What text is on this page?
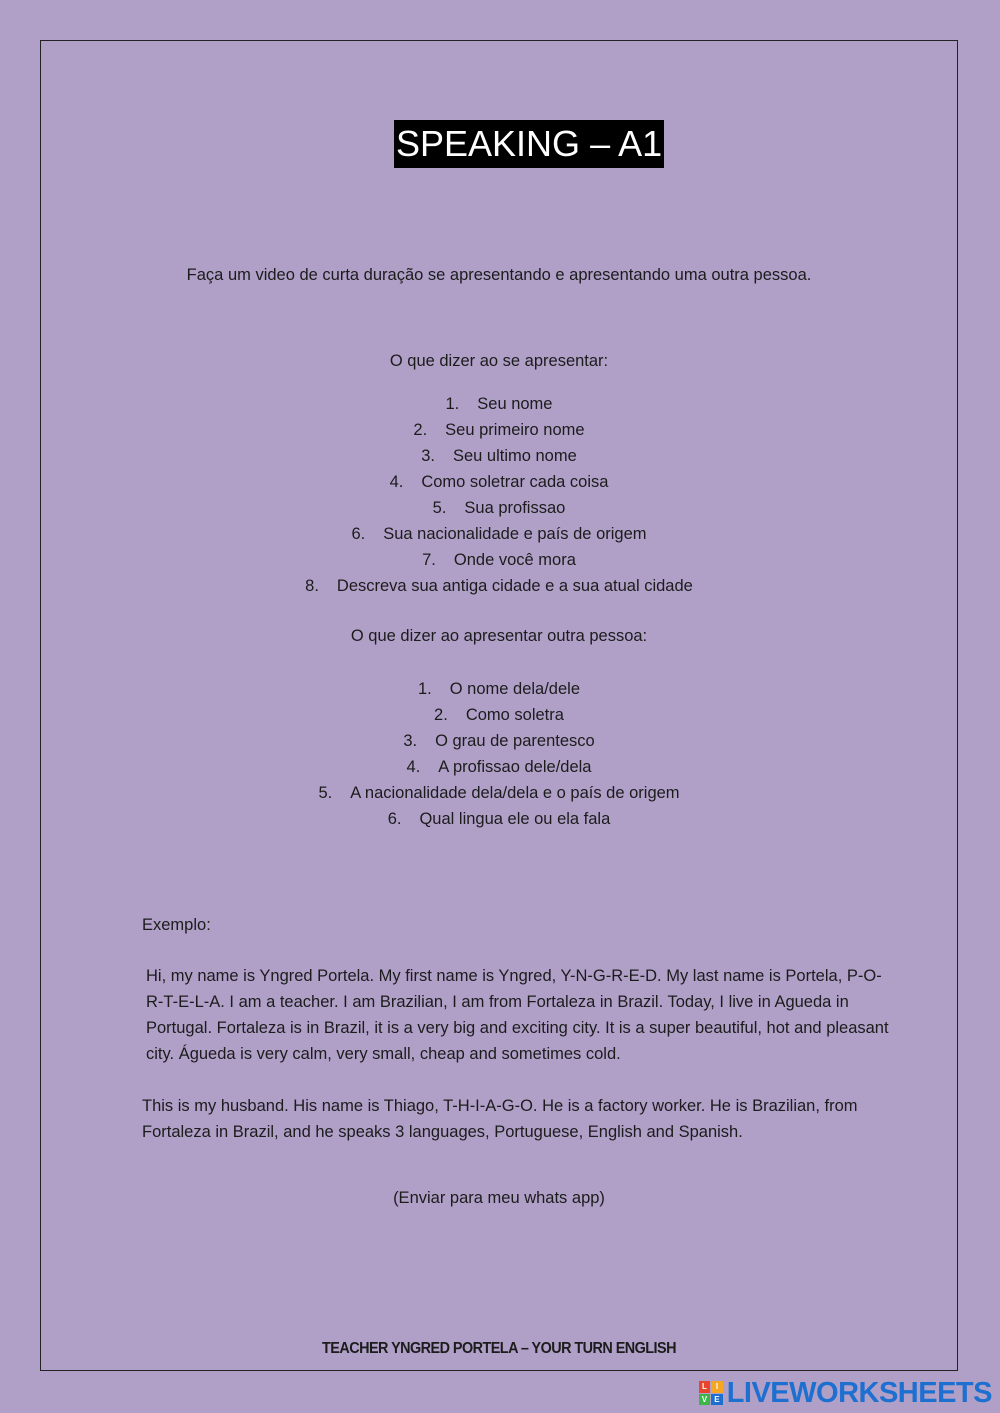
SPEAKING – A1
Faça um video de curta duração se apresentando e apresentando uma outra pessoa.
O que dizer ao se apresentar:
1. Seu nome
2. Seu primeiro nome
3. Seu ultimo nome
4. Como soletrar cada coisa
5. Sua profissao
6. Sua nacionalidade e país de origem
7. Onde você mora
8. Descreva sua antiga cidade e a sua atual cidade
O que dizer ao apresentar outra pessoa:
1. O nome dela/dele
2. Como soletra
3. O grau de parentesco
4. A profissao dele/dela
5. A nacionalidade dela/dela e o país de origem
6. Qual lingua ele ou ela fala
Exemplo:
Hi, my name is Yngred Portela. My first name is Yngred, Y-N-G-R-E-D. My last name is Portela, P-O-R-T-E-L-A. I am a teacher. I am Brazilian, I am from Fortaleza in Brazil. Today, I live in Agueda in Portugal. Fortaleza is in Brazil, it is a very big and exciting city. It is a super beautiful, hot and pleasant city. Águeda is very calm, very small, cheap and sometimes cold.
This is my husband. His name is Thiago, T-H-I-A-G-O. He is a factory worker. He is Brazilian, from Fortaleza in Brazil, and he speaks 3 languages, Portuguese, English and Spanish.
(Enviar para meu whats app)
TEACHER YNGRED PORTELA – YOUR TURN ENGLISH
L	I
V E LIVEWORKSHEETS
